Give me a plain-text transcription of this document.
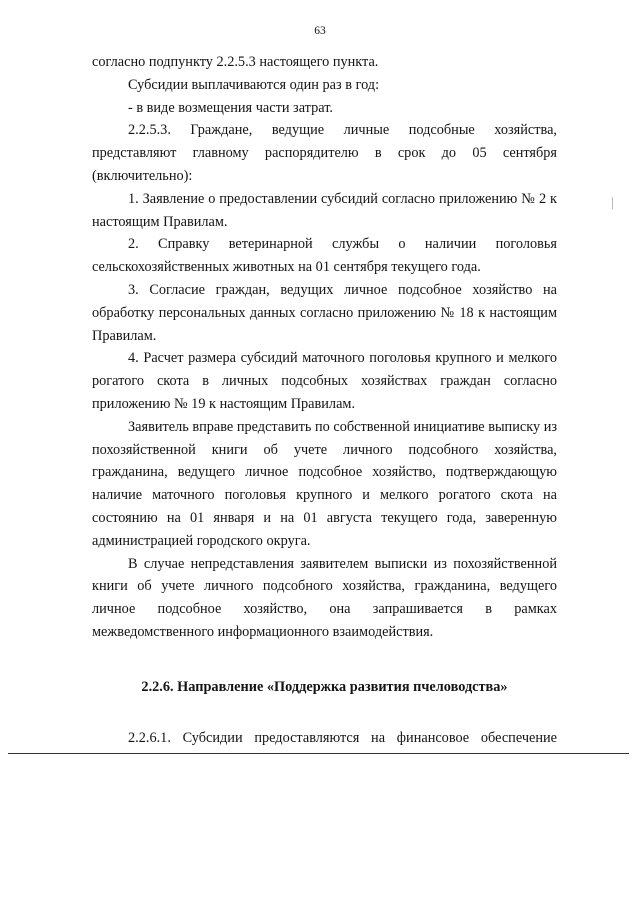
63

согласно подпункту 2.2.5.3 настоящего пункта.

Субсидии выплачиваются один раз в год:

- в виде возмещения части затрат.

2.2.5.3. Граждане, ведущие личные подсобные хозяйства, представляют главному распорядителю в срок до 05 сентября (включительно):

1. Заявление о предоставлении субсидий согласно приложению № 2 к настоящим Правилам.

2. Справку ветеринарной службы о наличии поголовья сельскохозяйственных животных на 01 сентября текущего года.

3. Согласие граждан, ведущих личное подсобное хозяйство на обработку персональных данных согласно приложению № 18 к настоящим Правилам.

4. Расчет размера субсидий маточного поголовья крупного и мелкого рогатого скота в личных подсобных хозяйствах граждан согласно приложению № 19 к настоящим Правилам.

Заявитель вправе представить по собственной инициативе выписку из похозяйственной книги об учете личного подсобного хозяйства, гражданина, ведущего личное подсобное хозяйство, подтверждающую наличие маточного поголовья крупного и мелкого рогатого скота на состоянию на 01 января и на 01 августа текущего года, заверенную администрацией городского округа.

В случае непредставления заявителем выписки из похозяйственной книги об учете личного подсобного хозяйства, гражданина, ведущего личное подсобное хозяйство, она запрашивается в рамках межведомственного информационного взаимодействия.

2.2.6. Направление «Поддержка развития пчеловодства»

2.2.6.1. Субсидии предоставляются на финансовое обеспечение
